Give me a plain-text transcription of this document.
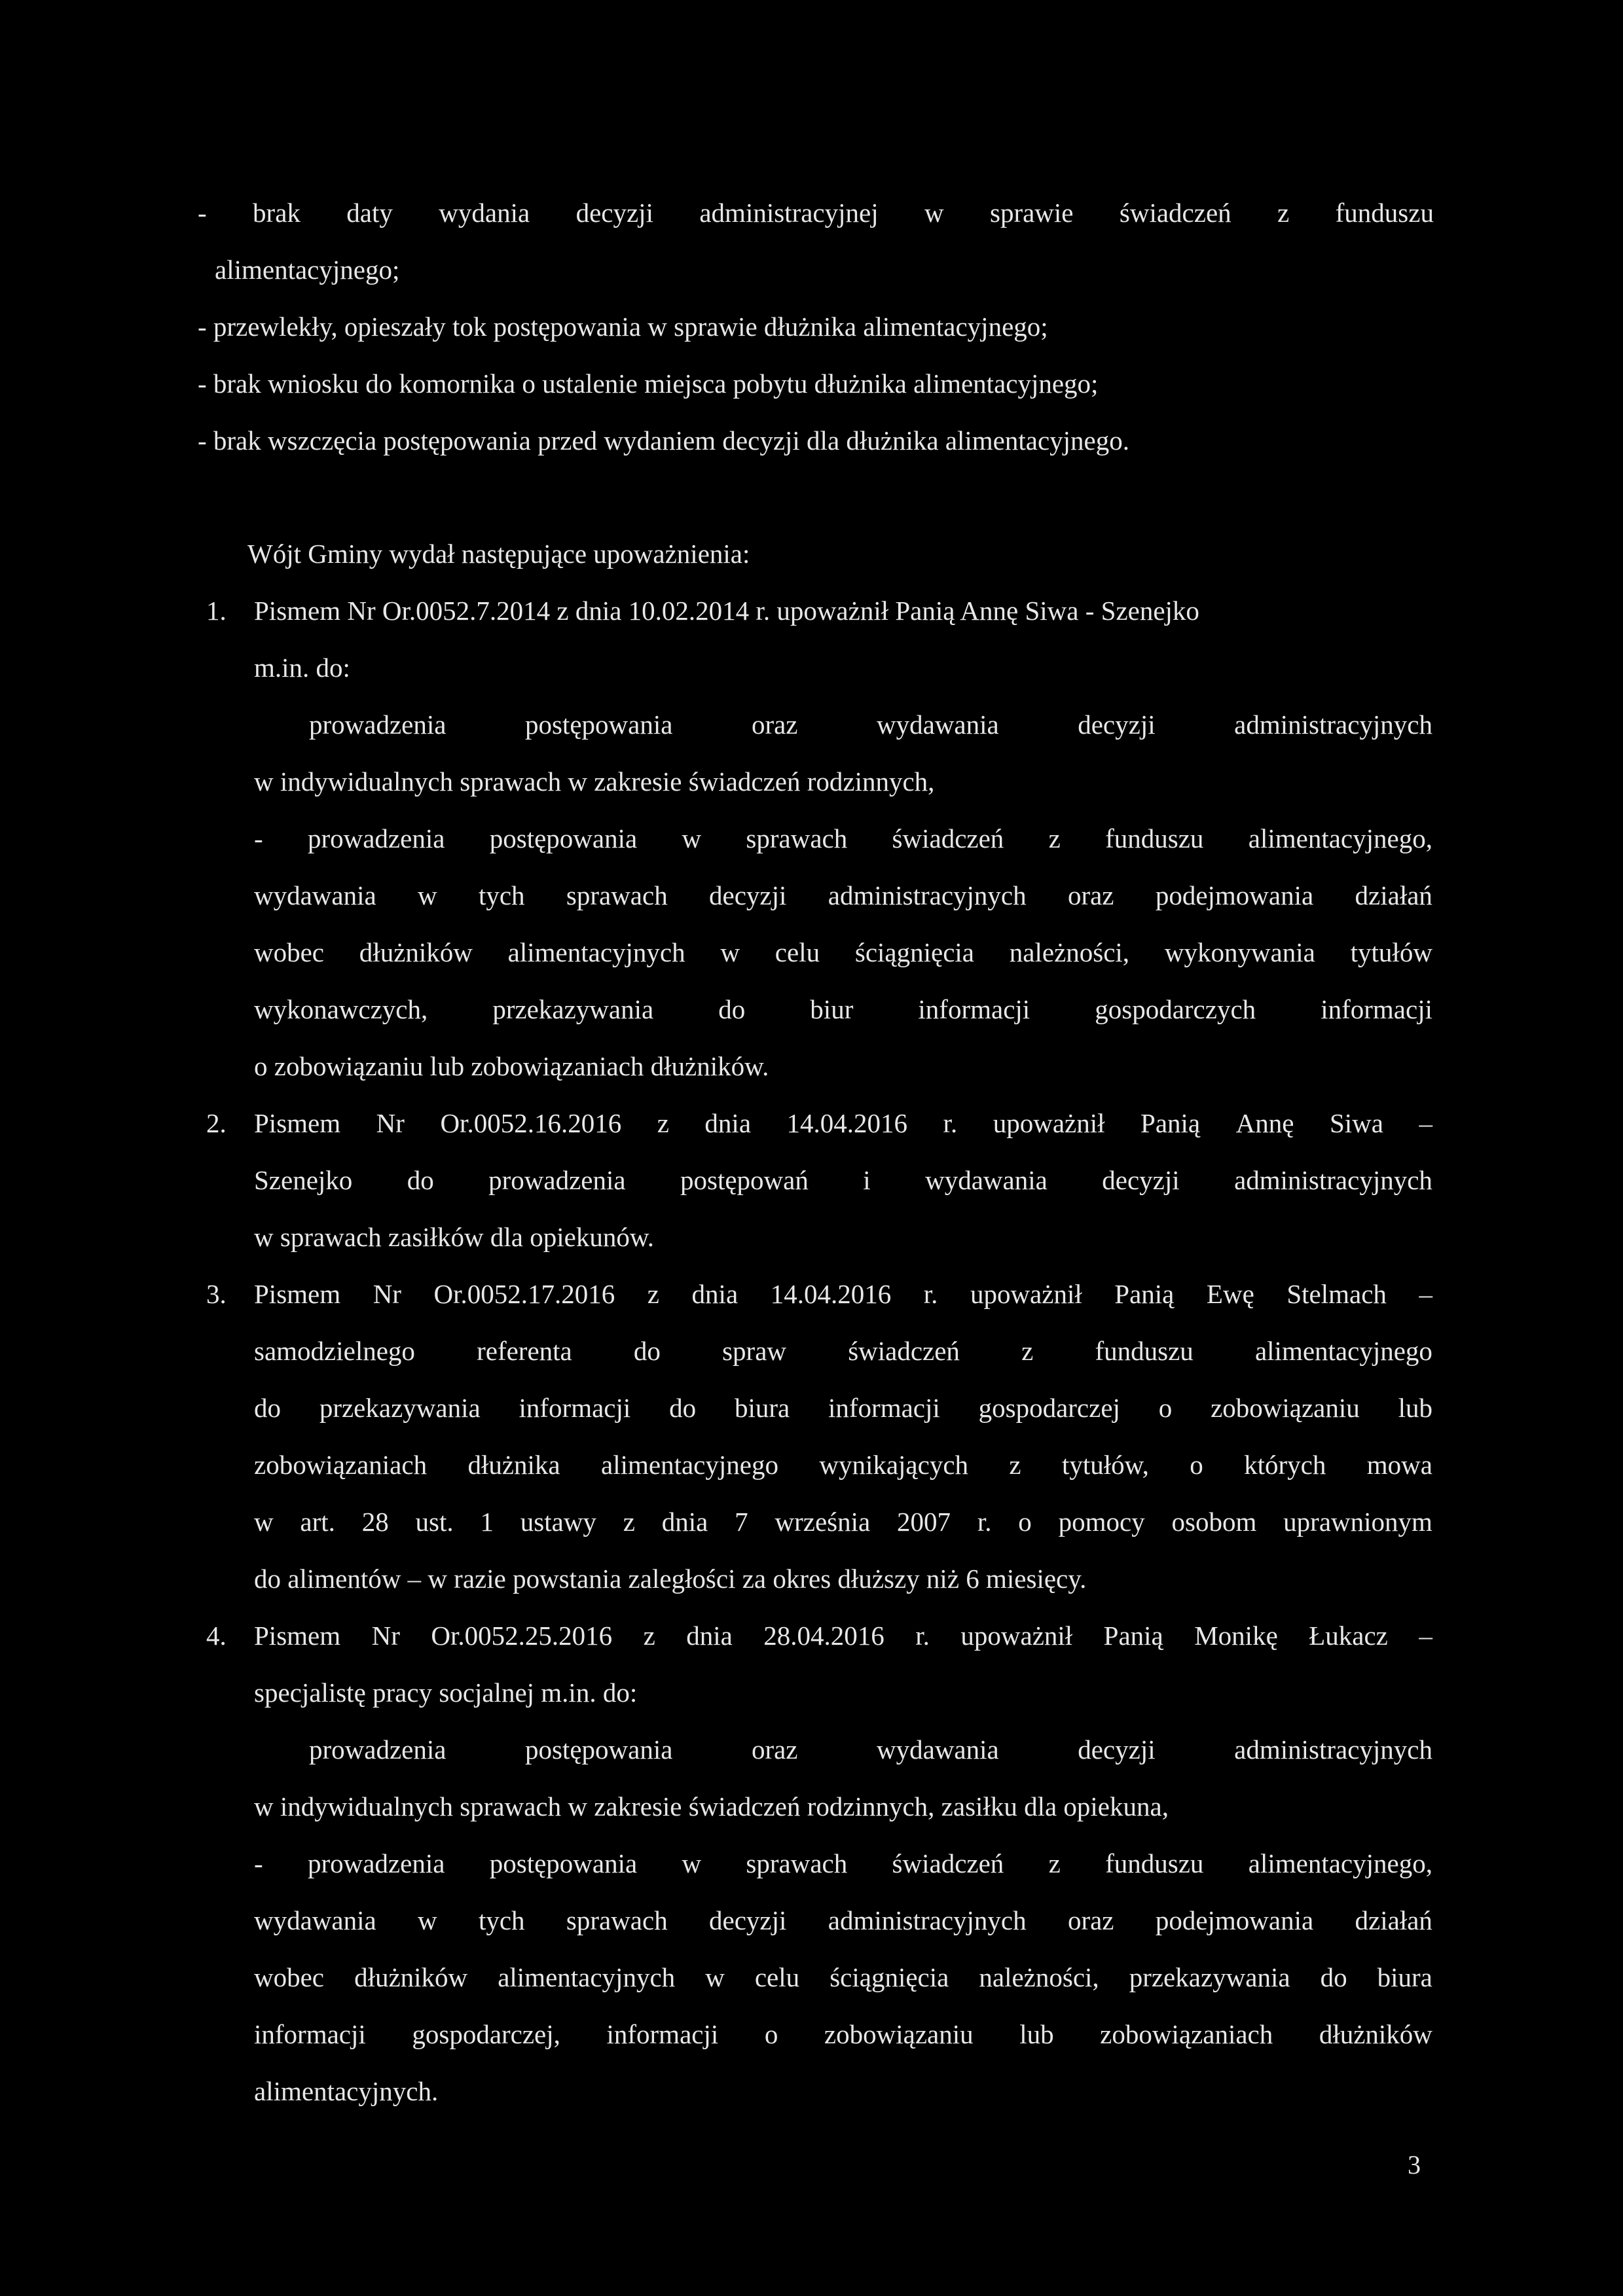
- brak daty wydania decyzji administracyjnej w sprawie świadczeń z funduszu
alimentacyjnego;
- przewlekły, opieszały tok postępowania w sprawie dłużnika alimentacyjnego;
- brak wniosku do komornika o ustalenie miejsca pobytu dłużnika alimentacyjnego;
- brak wszczęcia postępowania przed wydaniem decyzji dla dłużnika alimentacyjnego.
Wójt Gminy wydał następujące upoważnienia:
1. Pismem Nr Or.0052.7.2014 z dnia 10.02.2014 r. upoważnił Panią Annę Siwa - Szenejko
m.in. do:
prowadzenia	postępowania	oraz	wydawania	decyzji	administracyjnych
w indywidualnych sprawach w zakresie świadczeń rodzinnych,
- prowadzenia postępowania w sprawach świadczeń z funduszu alimentacyjnego,
wydawania w tych sprawach decyzji administracyjnych oraz podejmowania działań
wobec dłużników alimentacyjnych w celu ściągnięcia należności, wykonywania tytułów
wykonawczych, przekazywania do biur informacji gospodarczych informacji
o zobowiązaniu lub zobowiązaniach dłużników.
2. Pismem Nr Or.0052.16.2016 z dnia 14.04.2016 r. upoważnił Panią Annę Siwa –
Szenejko do prowadzenia postępowań i wydawania decyzji administracyjnych
w sprawach zasiłków dla opiekunów.
3. Pismem Nr Or.0052.17.2016 z dnia 14.04.2016 r. upoważnił Panią Ewę Stelmach –
samodzielnego referenta do spraw świadczeń z funduszu alimentacyjnego
do przekazywania informacji do biura informacji gospodarczej o zobowiązaniu lub
zobowiązaniach dłużnika alimentacyjnego wynikających z tytułów, o których mowa
w art. 28 ust. 1 ustawy z dnia 7 września 2007 r. o pomocy osobom uprawnionym
do alimentów – w razie powstania zaległości za okres dłuższy niż 6 miesięcy.
4. Pismem Nr Or.0052.25.2016 z dnia 28.04.2016 r. upoważnił Panią Monikę Łukacz –
specjalistę pracy socjalnej m.in. do:
prowadzenia	postępowania	oraz	wydawania	decyzji	administracyjnych
w indywidualnych sprawach w zakresie świadczeń rodzinnych, zasiłku dla opiekuna,
- prowadzenia postępowania w sprawach świadczeń z funduszu alimentacyjnego,
wydawania w tych sprawach decyzji administracyjnych oraz podejmowania działań
wobec dłużników alimentacyjnych w celu ściągnięcia należności, przekazywania do biura
informacji gospodarczej, informacji o zobowiązaniu lub zobowiązaniach dłużników
alimentacyjnych.
3
